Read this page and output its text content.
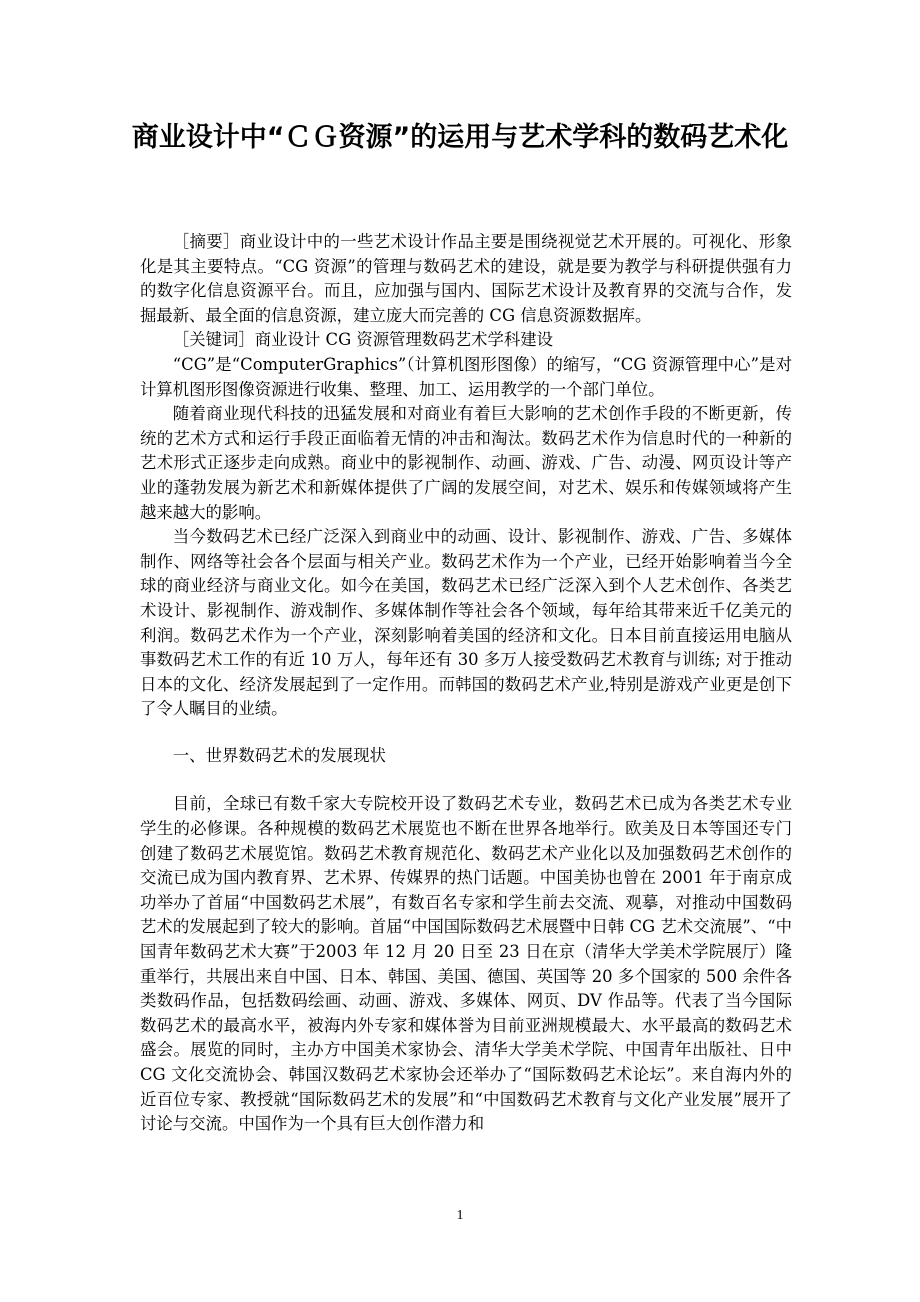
商业设计中“ＣＧ资源”的运用与艺术学科的数码艺术化

［摘要］商业设计中的一些艺术设计作品主要是围绕视觉艺术开展的。可视化、形象化是其主要特点。“CG 资源”的管理与数码艺术的建设，就是要为教学与科研提供强有力的数字化信息资源平台。而且，应加强与国内、国际艺术设计及教育界的交流与合作，发掘最新、最全面的信息资源，建立庞大而完善的 CG 信息资源数据库。

［关键词］商业设计 CG 资源管理数码艺术学科建设

“CG”是“ComputerGraphics”（计算机图形图像）的缩写，“CG 资源管理中心”是对计算机图形图像资源进行收集、整理、加工、运用教学的一个部门单位。

随着商业现代科技的迅猛发展和对商业有着巨大影响的艺术创作手段的不断更新，传统的艺术方式和运行手段正面临着无情的冲击和淘汰。数码艺术作为信息时代的一种新的艺术形式正逐步走向成熟。商业中的影视制作、动画、游戏、广告、动漫、网页设计等产业的蓬勃发展为新艺术和新媒体提供了广阔的发展空间，对艺术、娱乐和传媒领域将产生越来越大的影响。

当今数码艺术已经广泛深入到商业中的动画、设计、影视制作、游戏、广告、多媒体制作、网络等社会各个层面与相关产业。数码艺术作为一个产业，已经开始影响着当今全球的商业经济与商业文化。如今在美国，数码艺术已经广泛深入到个人艺术创作、各类艺术设计、影视制作、游戏制作、多媒体制作等社会各个领域，每年给其带来近千亿美元的利润。数码艺术作为一个产业，深刻影响着美国的经济和文化。日本目前直接运用电脑从事数码艺术工作的有近 10 万人，每年还有 30 多万人接受数码艺术教育与训练; 对于推动日本的文化、经济发展起到了一定作用。而韩国的数码艺术产业,特别是游戏产业更是创下了令人瞩目的业绩。

一、世界数码艺术的发展现状

目前，全球已有数千家大专院校开设了数码艺术专业，数码艺术已成为各类艺术专业学生的必修课。各种规模的数码艺术展览也不断在世界各地举行。欧美及日本等国还专门创建了数码艺术展览馆。数码艺术教育规范化、数码艺术产业化以及加强数码艺术创作的交流已成为国内教育界、艺术界、传媒界的热门话题。中国美协也曾在 2001 年于南京成功举办了首届“中国数码艺术展”，有数百名专家和学生前去交流、观摹，对推动中国数码艺术的发展起到了较大的影响。首届“中国国际数码艺术展暨中日韩 CG 艺术交流展”、“中国青年数码艺术大赛”于2003 年 12 月 20 日至 23 日在京（清华大学美术学院展厅）隆重举行，共展出来自中国、日本、韩国、美国、德国、英国等 20 多个国家的 500 余件各类数码作品，包括数码绘画、动画、游戏、多媒体、网页、DV 作品等。代表了当今国际数码艺术的最高水平，被海内外专家和媒体誉为目前亚洲规模最大、水平最高的数码艺术盛会。展览的同时，主办方中国美术家协会、清华大学美术学院、中国青年出版社、日中 CG 文化交流协会、韩国汉数码艺术家协会还举办了“国际数码艺术论坛”。来自海内外的近百位专家、教授就“国际数码艺术的发展”和“中国数码艺术教育与文化产业发展”展开了讨论与交流。中国作为一个具有巨大创作潜力和

1
